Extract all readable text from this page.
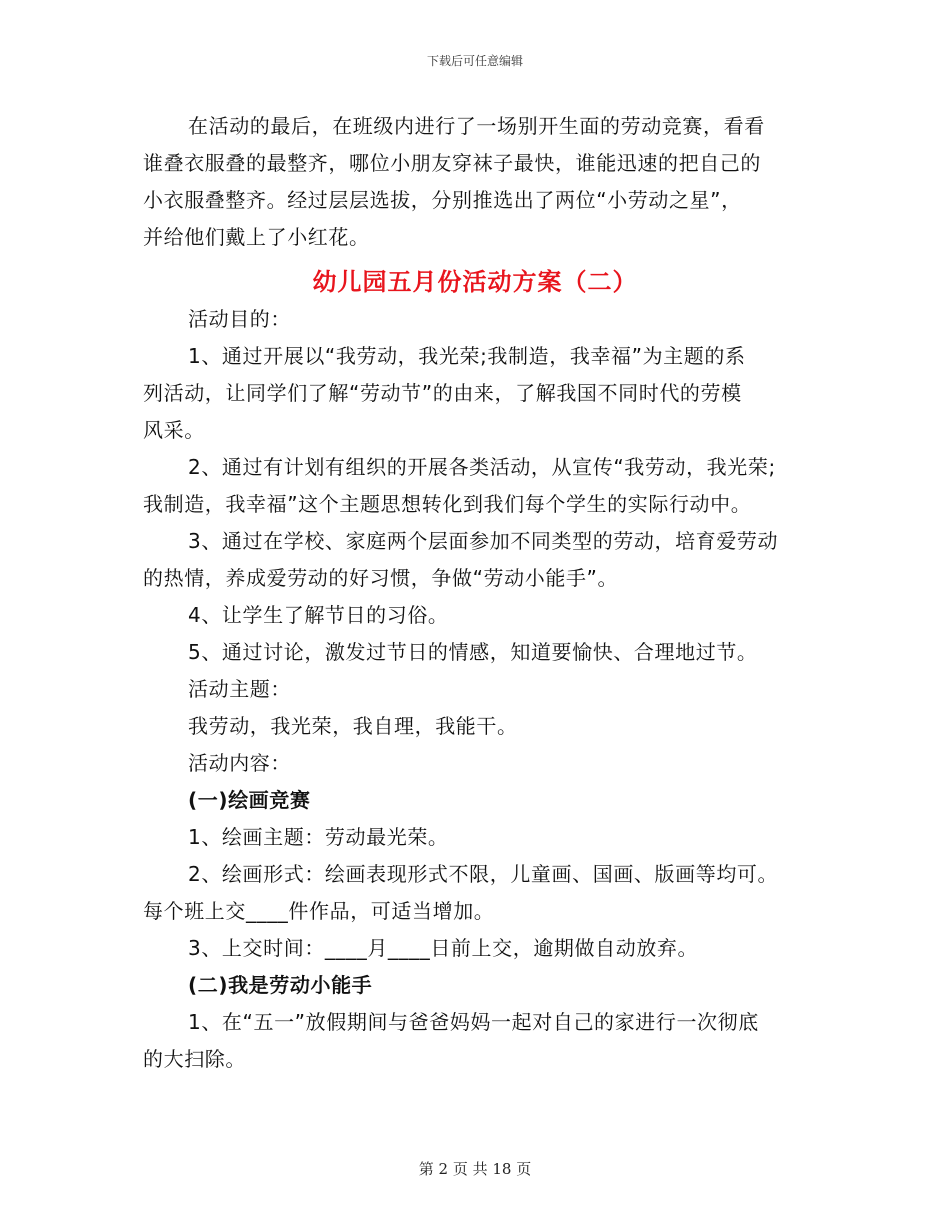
下载后可任意编辑
在活动的最后，在班级内进行了一场别开生面的劳动竞赛，看看
谁叠衣服叠的最整齐，哪位小朋友穿袜子最快，谁能迅速的把自己的
小衣服叠整齐。经过层层选拔，分别推选出了两位“小劳动之星”，
并给他们戴上了小红花。
幼儿园五月份活动方案（二）
活动目的：
1、通过开展以“我劳动，我光荣;我制造，我幸福”为主题的系
列活动，让同学们了解“劳动节”的由来，了解我国不同时代的劳模
风采。
2、通过有计划有组织的开展各类活动，从宣传“我劳动，我光荣;
我制造，我幸福”这个主题思想转化到我们每个学生的实际行动中。
3、通过在学校、家庭两个层面参加不同类型的劳动，培育爱劳动
的热情，养成爱劳动的好习惯，争做“劳动小能手”。
4、让学生了解节日的习俗。
5、通过讨论，激发过节日的情感，知道要愉快、合理地过节。
活动主题：
我劳动，我光荣，我自理，我能干。
活动内容：
(一)绘画竞赛
1、绘画主题：劳动最光荣。
2、绘画形式：绘画表现形式不限，儿童画、国画、版画等均可。
每个班上交____件作品，可适当增加。
3、上交时间：____月____日前上交，逾期做自动放弃。
(二)我是劳动小能手
1、在“五一”放假期间与爸爸妈妈一起对自己的家进行一次彻底
的大扫除。
第 2 页 共 18 页
